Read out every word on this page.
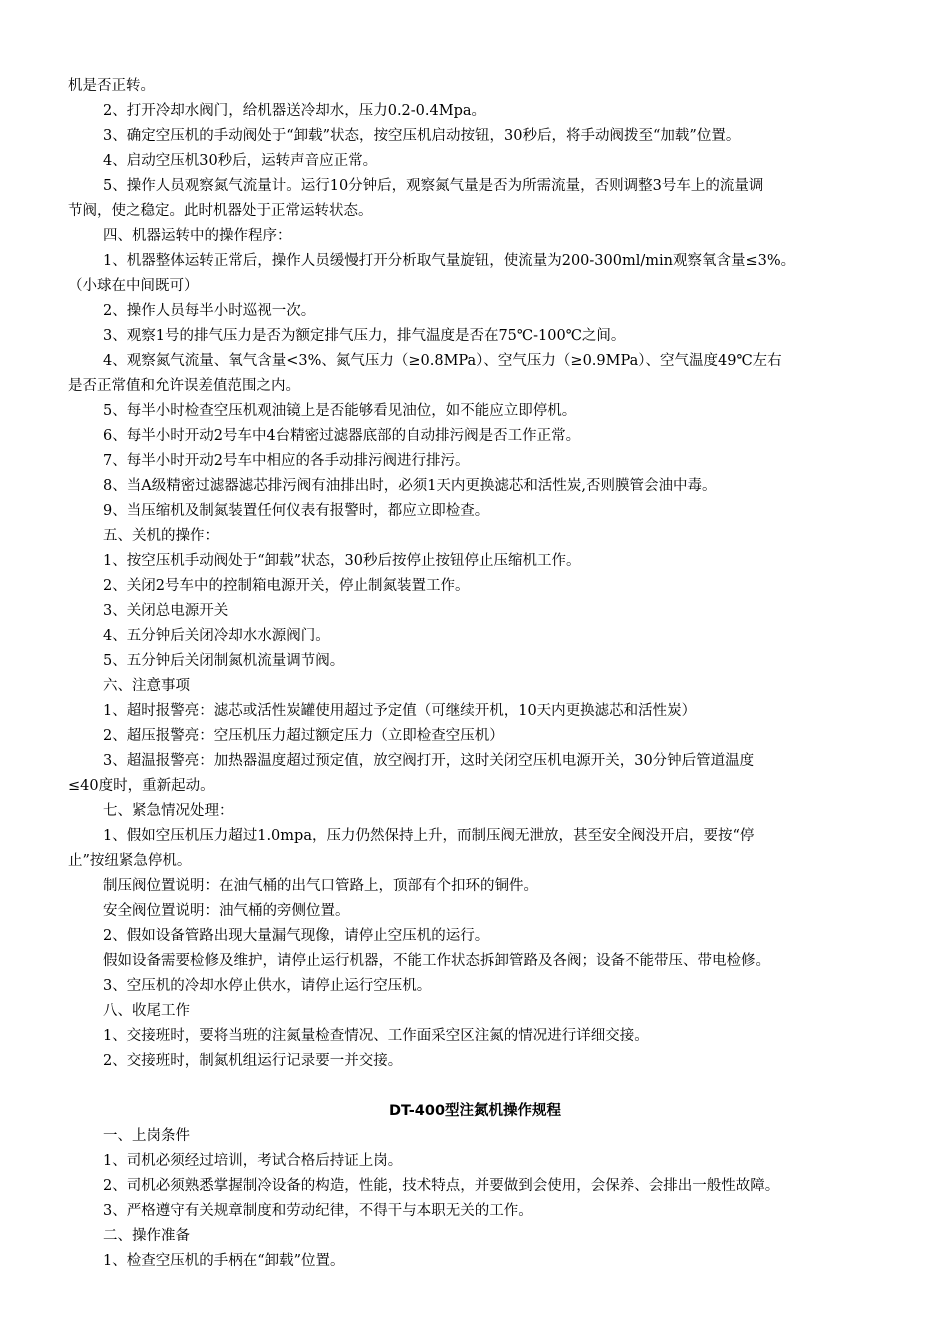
机是否正转。
2、打开冷却水阀门，给机器送冷却水，压力0.2-0.4Mpa。
3、确定空压机的手动阀处于“卸载”状态，按空压机启动按钮，30秒后，将手动阀拨至“加载”位置。
4、启动空压机30秒后，运转声音应正常。
5、操作人员观察氮气流量计。运行10分钟后，观察氮气量是否为所需流量，否则调整3号车上的流量调
节阀，使之稳定。此时机器处于正常运转状态。
四、机器运转中的操作程序：
1、机器整体运转正常后，操作人员缓慢打开分析取气量旋钮，使流量为200-300ml/min观察氧含量≤3%。
（小球在中间既可）
2、操作人员每半小时巡视一次。
3、观察1号的排气压力是否为额定排气压力，排气温度是否在75℃-100℃之间。
4、观察氮气流量、氧气含量<3%、氮气压力（≥0.8MPa）、空气压力（≥0.9MPa）、空气温度49℃左右
是否正常值和允许误差值范围之内。
5、每半小时检查空压机观油镜上是否能够看见油位，如不能应立即停机。
6、每半小时开动2号车中4台精密过滤器底部的自动排污阀是否工作正常。
7、每半小时开动2号车中相应的各手动排污阀进行排污。
8、当A级精密过滤器滤芯排污阀有油排出时，必须1天内更换滤芯和活性炭,否则膜管会油中毒。
9、当压缩机及制氮装置任何仪表有报警时，都应立即检查。
五、关机的操作：
1、按空压机手动阀处于“卸载”状态，30秒后按停止按钮停止压缩机工作。
2、关闭2号车中的控制箱电源开关，停止制氮装置工作。
3、关闭总电源开关
4、五分钟后关闭冷却水水源阀门。
5、五分钟后关闭制氮机流量调节阀。
六、注意事项
1、超时报警亮：滤芯或活性炭罐使用超过予定值（可继续开机，10天内更换滤芯和活性炭）
2、超压报警亮：空压机压力超过额定压力（立即检查空压机）
3、超温报警亮：加热器温度超过预定值，放空阀打开，这时关闭空压机电源开关，30分钟后管道温度
≤40度时，重新起动。
七、紧急情况处理：
1、假如空压机压力超过1.0mpa，压力仍然保持上升，而制压阀无泄放，甚至安全阀没开启，要按“停
止”按纽紧急停机。
制压阀位置说明：在油气桶的出气口管路上，顶部有个扣环的铜件。
安全阀位置说明：油气桶的旁侧位置。
2、假如设备管路出现大量漏气现像，请停止空压机的运行。
假如设备需要检修及维护，请停止运行机器，不能工作状态拆卸管路及各阀；设备不能带压、带电检修。
3、空压机的冷却水停止供水，请停止运行空压机。
八、收尾工作
1、交接班时，要将当班的注氮量检查情况、工作面采空区注氮的情况进行详细交接。
2、交接班时，制氮机组运行记录要一并交接。
DT-400型注氮机操作规程
一、上岗条件
1、司机必须经过培训，考试合格后持证上岗。
2、司机必须熟悉掌握制冷设备的构造，性能，技术特点，并要做到会使用，会保养、会排出一般性故障。
3、严格遵守有关规章制度和劳动纪律，不得干与本职无关的工作。
二、操作准备
1、检查空压机的手柄在“卸载”位置。
